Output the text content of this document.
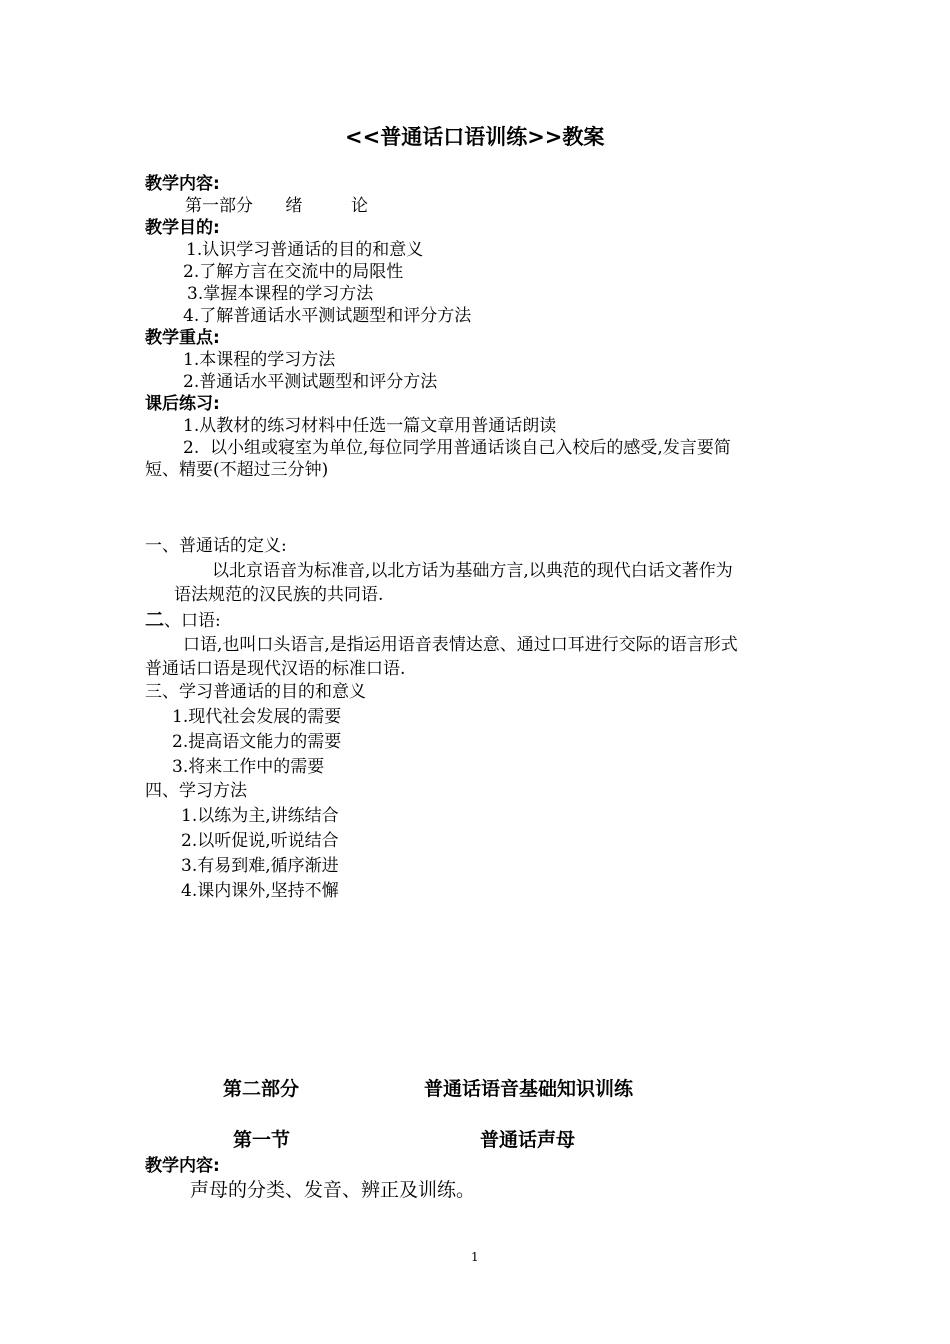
<<普通话口语训练>>教案
教学内容:
第一部分      绪         论
教学目的:
1.认识学习普通话的目的和意义
2.了解方言在交流中的局限性
3.掌握本课程的学习方法
4.了解普通话水平测试题型和评分方法
教学重点:
1.本课程的学习方法
2.普通话水平测试题型和评分方法
课后练习:
1.从教材的练习材料中任选一篇文章用普通话朗读
2.  以小组或寝室为单位,每位同学用普通话谈自己入校后的感受,发言要简
短、精要(不超过三分钟)
一、普通话的定义:
以北京语音为标准音,以北方话为基础方言,以典范的现代白话文著作为
语法规范的汉民族的共同语.
二、口语:
口语,也叫口头语言,是指运用语音表情达意、通过口耳进行交际的语言形式
普通话口语是现代汉语的标准口语.
三、学习普通话的目的和意义
1.现代社会发展的需要
2.提高语文能力的需要
3.将来工作中的需要
四、学习方法
1.以练为主,讲练结合
2.以听促说,听说结合
3.有易到难,循序渐进
4.课内课外,坚持不懈
第二部分	普通话语音基础知识训练
第一节	普通话声母
教学内容:
声母的分类、发音、辨正及训练。
1
